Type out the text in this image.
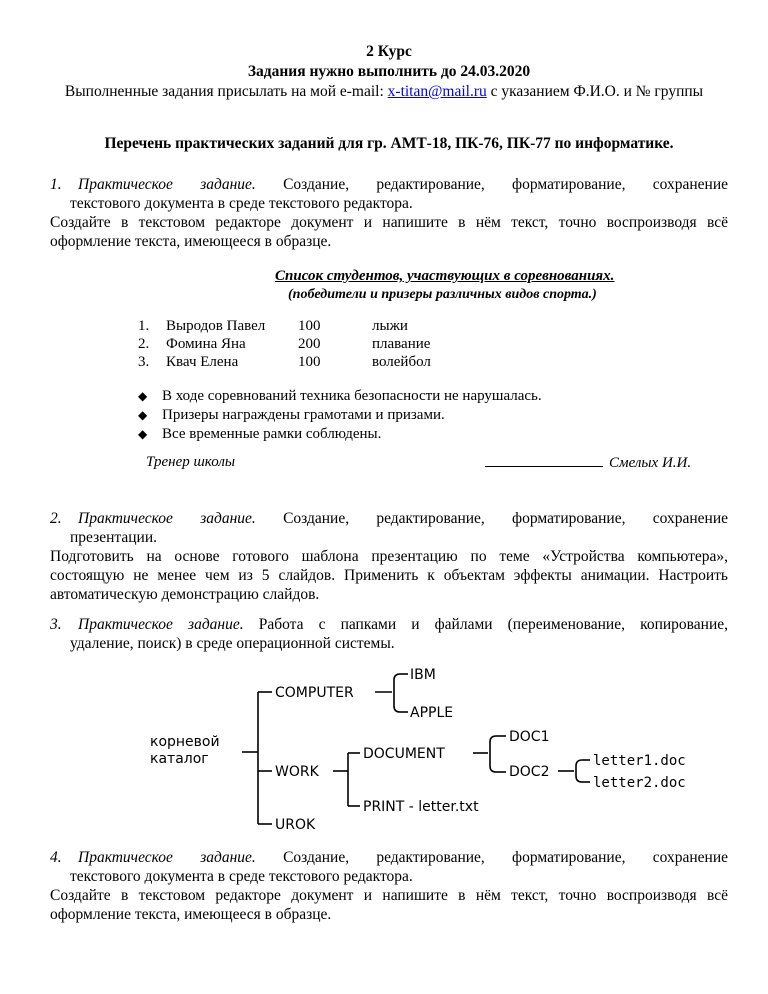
2 Курс
Задания нужно выполнить до 24.03.2020
Выполненные задания присылать на мой e-mail: x-titan@mail.ru с указанием Ф.И.О. и № группы
Перечень практических заданий для гр. АМТ-18, ПК-76, ПК-77 по информатике.
1. Практическое задание. Создание, редактирование, форматирование, сохранение
текстового документа в среде текстового редактора.
Создайте в текстовом редакторе документ и напишите в нём текст, точно воспроизводя всё
оформление текста, имеющееся в образце.
Список студентов, участвующих в соревнованиях.
(победители и призеры различных видов спорта.)
1. Выродов Павел 100	лыжи
2. Фомина Яна	200	плавание
3. Квач Елена	100	волейбол
◆ В ходе соревнований техника безопасности не нарушалась.
◆ Призеры награждены грамотами и призами.
◆ Все временные рамки соблюдены.
Тренер школы	Смелых И.И.
2. Практическое задание. Создание, редактирование, форматирование, сохранение
презентации.
Подготовить на основе готового шаблона презентацию по теме «Устройства компьютера»,
состоящую не менее чем из 5 слайдов. Применить к объектам эффекты анимации. Настроить
автоматическую демонстрацию слайдов.
3. Практическое задание. Работа с папками и файлами (переименование, копирование,
удаление, поиск) в среде операционной системы.
корневой
каталог
COMPUTER
IBM
APPLE
WORK
DOCUMENT
DOC1
DOC2
letter1.doc
letter2.doc
PRINT - letter.txt
UROK
4. Практическое задание. Создание, редактирование, форматирование, сохранение
текстового документа в среде текстового редактора.
Создайте в текстовом редакторе документ и напишите в нём текст, точно воспроизводя всё
оформление текста, имеющееся в образце.
